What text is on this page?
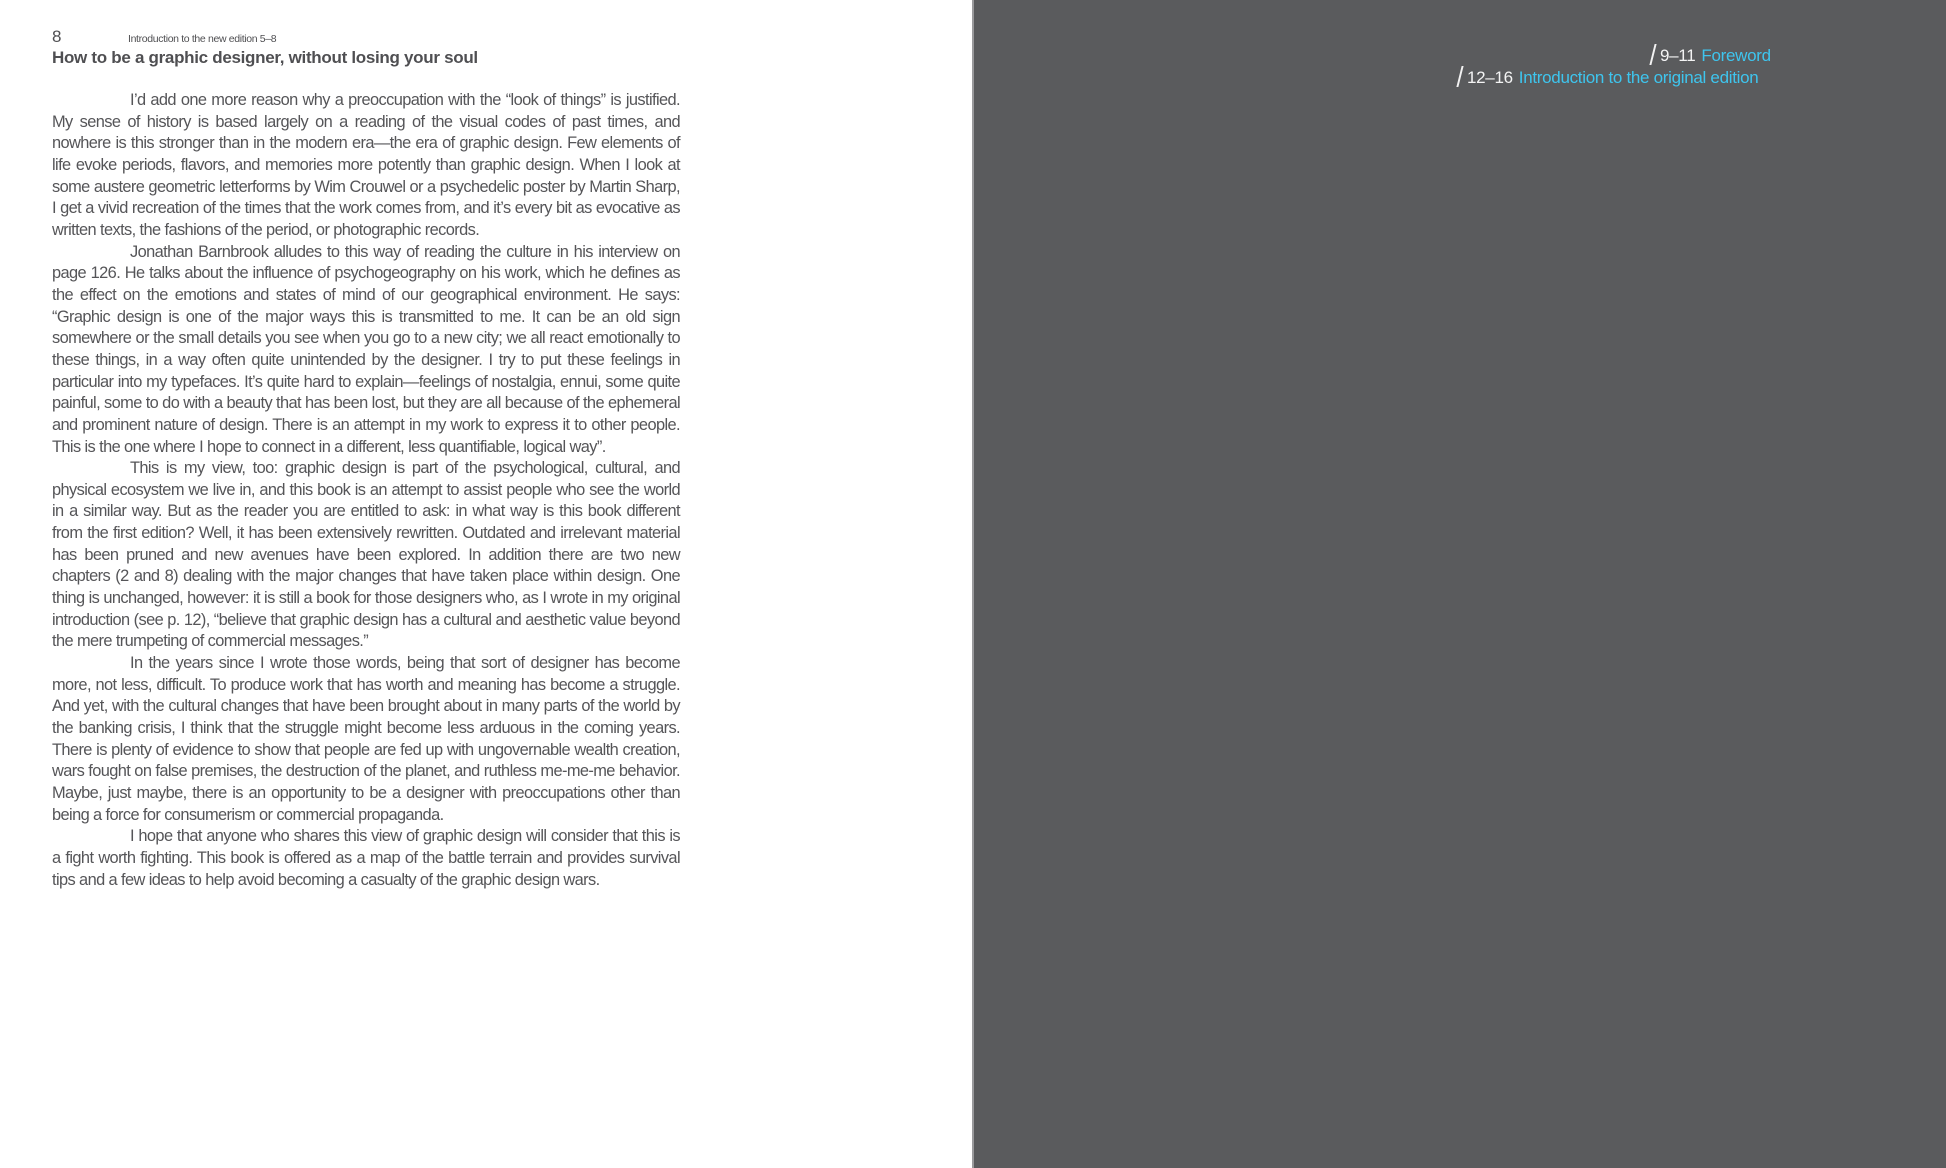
8	Introduction to the new edition 5–8
How to be a graphic designer, without losing your soul

I’d add one more reason why a preoccupation with the “look of things” is justified. My sense of history is based largely on a reading of the visual codes of past times, and nowhere is this stronger than in the modern era—the era of graphic design. Few elements of life evoke periods, flavors, and memories more potently than graphic design. When I look at some austere geometric letterforms by Wim Crouwel or a psychedelic poster by Martin Sharp, I get a vivid recreation of the times that the work comes from, and it’s every bit as evocative as written texts, the fashions of the period, or photographic records.

Jonathan Barnbrook alludes to this way of reading the culture in his interview on page 126. He talks about the influence of psychogeography on his work, which he defines as the effect on the emotions and states of mind of our geographical environment. He says: “Graphic design is one of the major ways this is transmitted to me. It can be an old sign somewhere or the small details you see when you go to a new city; we all react emotionally to these things, in a way often quite unintended by the designer. I try to put these feelings in particular into my typefaces. It’s quite hard to explain—feelings of nostalgia, ennui, some quite painful, some to do with a beauty that has been lost, but they are all because of the ephemeral and prominent nature of design. There is an attempt in my work to express it to other people. This is the one where I hope to connect in a different, less quantifiable, logical way”.

This is my view, too: graphic design is part of the psychological, cultural, and physical ecosystem we live in, and this book is an attempt to assist people who see the world in a similar way. But as the reader you are entitled to ask: in what way is this book different from the first edition? Well, it has been extensively rewritten. Outdated and irrelevant material has been pruned and new avenues have been explored. In addition there are two new chapters (2 and 8) dealing with the major changes that have taken place within design. One thing is unchanged, however: it is still a book for those designers who, as I wrote in my original introduction (see p. 12), “believe that graphic design has a cultural and aesthetic value beyond the mere trumpeting of commercial messages.”

In the years since I wrote those words, being that sort of designer has become more, not less, difficult. To produce work that has worth and meaning has become a struggle. And yet, with the cultural changes that have been brought about in many parts of the world by the banking crisis, I think that the struggle might become less arduous in the coming years. There is plenty of evidence to show that people are fed up with ungovernable wealth creation, wars fought on false premises, the destruction of the planet, and ruthless me-me-me behavior. Maybe, just maybe, there is an opportunity to be a designer with preoccupations other than being a force for consumerism or commercial propaganda.

I hope that anyone who shares this view of graphic design will consider that this is a fight worth fighting. This book is offered as a map of the battle terrain and provides survival tips and a few ideas to help avoid becoming a casualty of the graphic design wars.

9–11 Foreword
12–16 Introduction to the original edition
